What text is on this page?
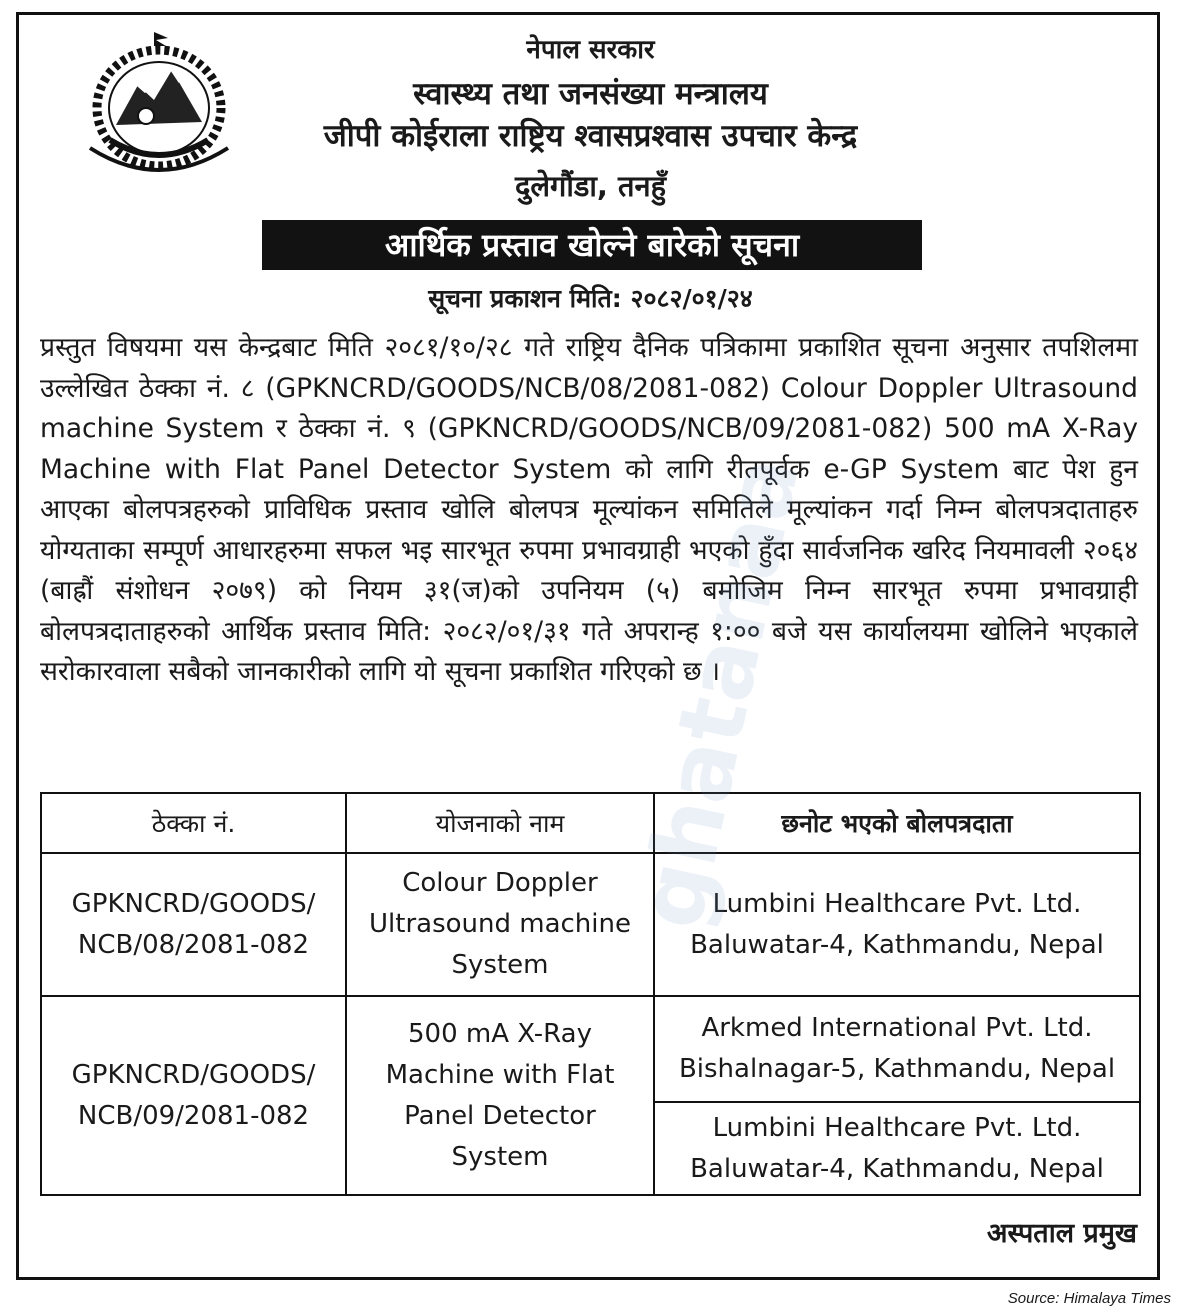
नेपाल सरकार
स्वास्थ्य तथा जनसंख्या मन्त्रालय
जीपी कोईराला राष्ट्रिय श्वासप्रश्वास उपचार केन्द्र
दुलेगौंडा, तनहुँ
आर्थिक प्रस्ताव खोल्ने बारेको सूचना
सूचना प्रकाशन मिति: २०८२/०१/२४

प्रस्तुत विषयमा यस केन्द्रबाट मिति २०८१/१०/२८ गते राष्ट्रिय दैनिक पत्रिकामा प्रकाशित सूचना अनुसार तपशिलमा उल्लेखित ठेक्का नं. ८ (GPKNCRD/GOODS/NCB/08/2081-082) Colour Doppler Ultrasound machine System र ठेक्का नं. ९ (GPKNCRD/GOODS/NCB/09/2081-082) 500 mA X-Ray Machine with Flat Panel Detector System को लागि रीतपूर्वक e-GP System बाट पेश हुन आएका बोलपत्रहरुको प्राविधिक प्रस्ताव खोलि बोलपत्र मूल्यांकन समितिले मूल्यांकन गर्दा निम्न बोलपत्रदाताहरु योग्यताका सम्पूर्ण आधारहरुमा सफल भइ सारभूत रुपमा प्रभावग्राही भएको हुँदा सार्वजनिक खरिद नियमावली २०६४ (बाह्रौं संशोधन २०७९) को नियम ३१(ज)को उपनियम (५) बमोजिम निम्न सारभूत रुपमा प्रभावग्राही बोलपत्रदाताहरुको आर्थिक प्रस्ताव मिति: २०८२/०१/३१ गते अपरान्ह १:०० बजे यस कार्यालयमा खोलिने भएकाले सरोकारवाला सबैको जानकारीको लागि यो सूचना प्रकाशित गरिएको छ ।

ठेक्का नं.	योजनाको नाम	छनोट भएको बोलपत्रदाता
GPKNCRD/GOODS/ NCB/08/2081-082	Colour Doppler Ultrasound machine System	Lumbini Healthcare Pvt. Ltd. Baluwatar-4, Kathmandu, Nepal
GPKNCRD/GOODS/ NCB/09/2081-082	500 mA X-Ray Machine with Flat Panel Detector System	Arkmed International Pvt. Ltd. Bishalnagar-5, Kathmandu, Nepal
		Lumbini Healthcare Pvt. Ltd. Baluwatar-4, Kathmandu, Nepal
अस्पताल प्रमुख
Source: Himalaya Times
ghatanaa
